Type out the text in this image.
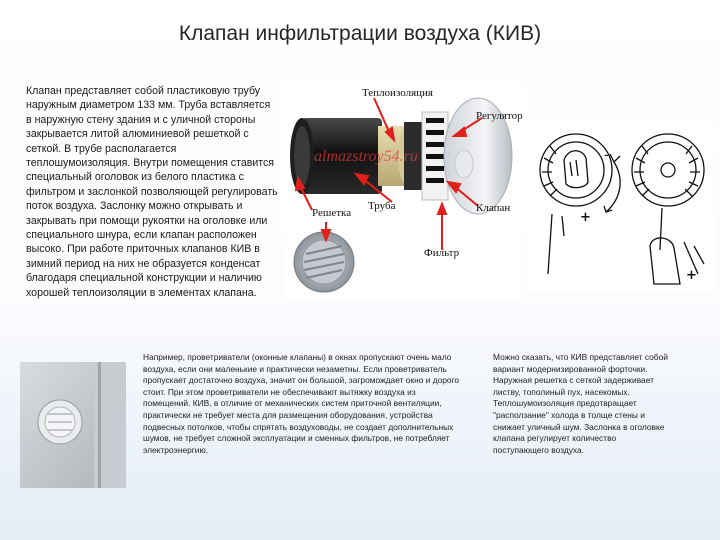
Клапан инфильтрации воздуха (КИВ)

Клапан представляет собой пластиковую трубу наружным диаметром 133 мм. Труба вставляется в наружную стену здания и с уличной стороны закрывается литой алюминиевой решеткой с сеткой. В трубе располагается теплошумоизоляция. Внутри помещения ставится специальный оголовок из белого пластика с фильтром и заслонкой позволяющей регулировать поток воздуха. Заслонку можно открывать и закрывать при помощи рукоятки на оголовке или специального шнура, если клапан расположен высоко. При работе приточных клапанов КИВ в зимний период на них не образуется конденсат благодаря специальной конструкции и наличию хорошей теплоизоляции в элементах клапана.

Теплоизоляция
Регулятор
Решетка
Труба	Клапан
Фильтр
almazstroy54.ru	-
+
+

Например, проветриватели (оконные клапаны) в окнах пропускают очень мало воздуха, если они маленькие и практически незаметны. Если проветриватель пропускает достаточно воздуха, значит он большой, загромождает окно и дорого стоит. При этом проветриватели не обеспечивают вытяжку воздуха из помещений. КИВ, в отличие от механических систем приточной вентиляции, практически не требует места для размещения оборудования, устройства подвесных потолков, чтобы спрятать воздуховоды, не создает дополнительных шумов, не требует сложной эксплуатации и сменных фильтров, не потребляет электроэнергию.

Можно сказать, что КИВ представляет собой вариант модернизированной форточки. Наружная решетка с сеткой задерживает листву, тополиный пух, насекомых. Теплошумоизоляция предотвращает "расползание" холода в толще стены и снижает уличный шум. Заслонка в оголовке клапана регулирует количество поступающего воздуха.
